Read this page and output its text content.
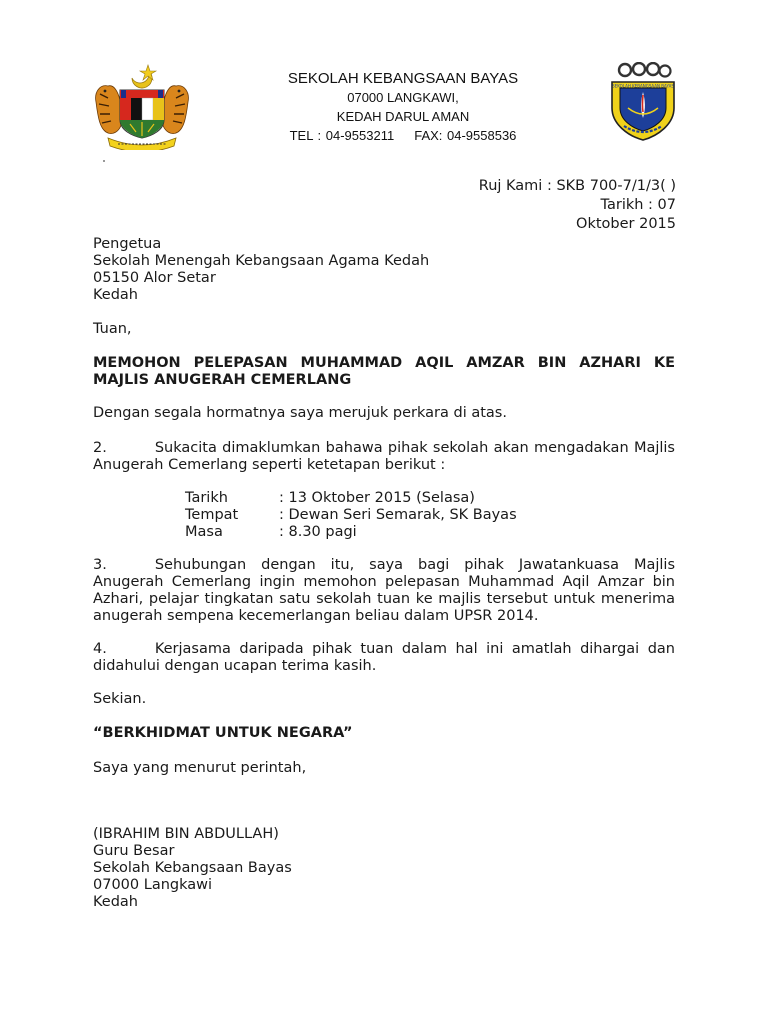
SEKOLAH KEBANGSAAN BAYAS
07000 LANGKAWI,
KEDAH DARUL AMAN
TEL : 04-9553211 FAX: 04-9558536
SEKOLAH KEBANGSAAN BAYAS
Ruj Kami : SKB 700-7/1/3( )
Tarikh : 07
Oktober 2015
Pengetua
Sekolah Menengah Kebangsaan Agama Kedah
05150 Alor Setar
Kedah
Tuan,
MEMOHON PELEPASAN MUHAMMAD AQIL AMZAR BIN AZHARI KE MAJLIS ANUGERAH CEMERLANG
Dengan segala hormatnya saya merujuk perkara di atas.
2.	Sukacita dimaklumkan bahawa pihak sekolah akan mengadakan Majlis Anugerah Cemerlang seperti ketetapan berikut :
Tarikh	: 13 Oktober 2015 (Selasa)
Tempat	: Dewan Seri Semarak, SK Bayas
Masa	: 8.30 pagi
3.	Sehubungan dengan itu, saya bagi pihak Jawatankuasa Majlis Anugerah Cemerlang ingin memohon pelepasan Muhammad Aqil Amzar bin Azhari, pelajar tingkatan satu sekolah tuan ke majlis tersebut untuk menerima anugerah sempena kecemerlangan beliau dalam UPSR 2014.
4.	Kerjasama daripada pihak tuan dalam hal ini amatlah dihargai dan didahului dengan ucapan terima kasih.
Sekian.
“BERKHIDMAT UNTUK NEGARA”
Saya yang menurut perintah,
(IBRAHIM BIN ABDULLAH)
Guru Besar
Sekolah Kebangsaan Bayas
07000 Langkawi
Kedah
